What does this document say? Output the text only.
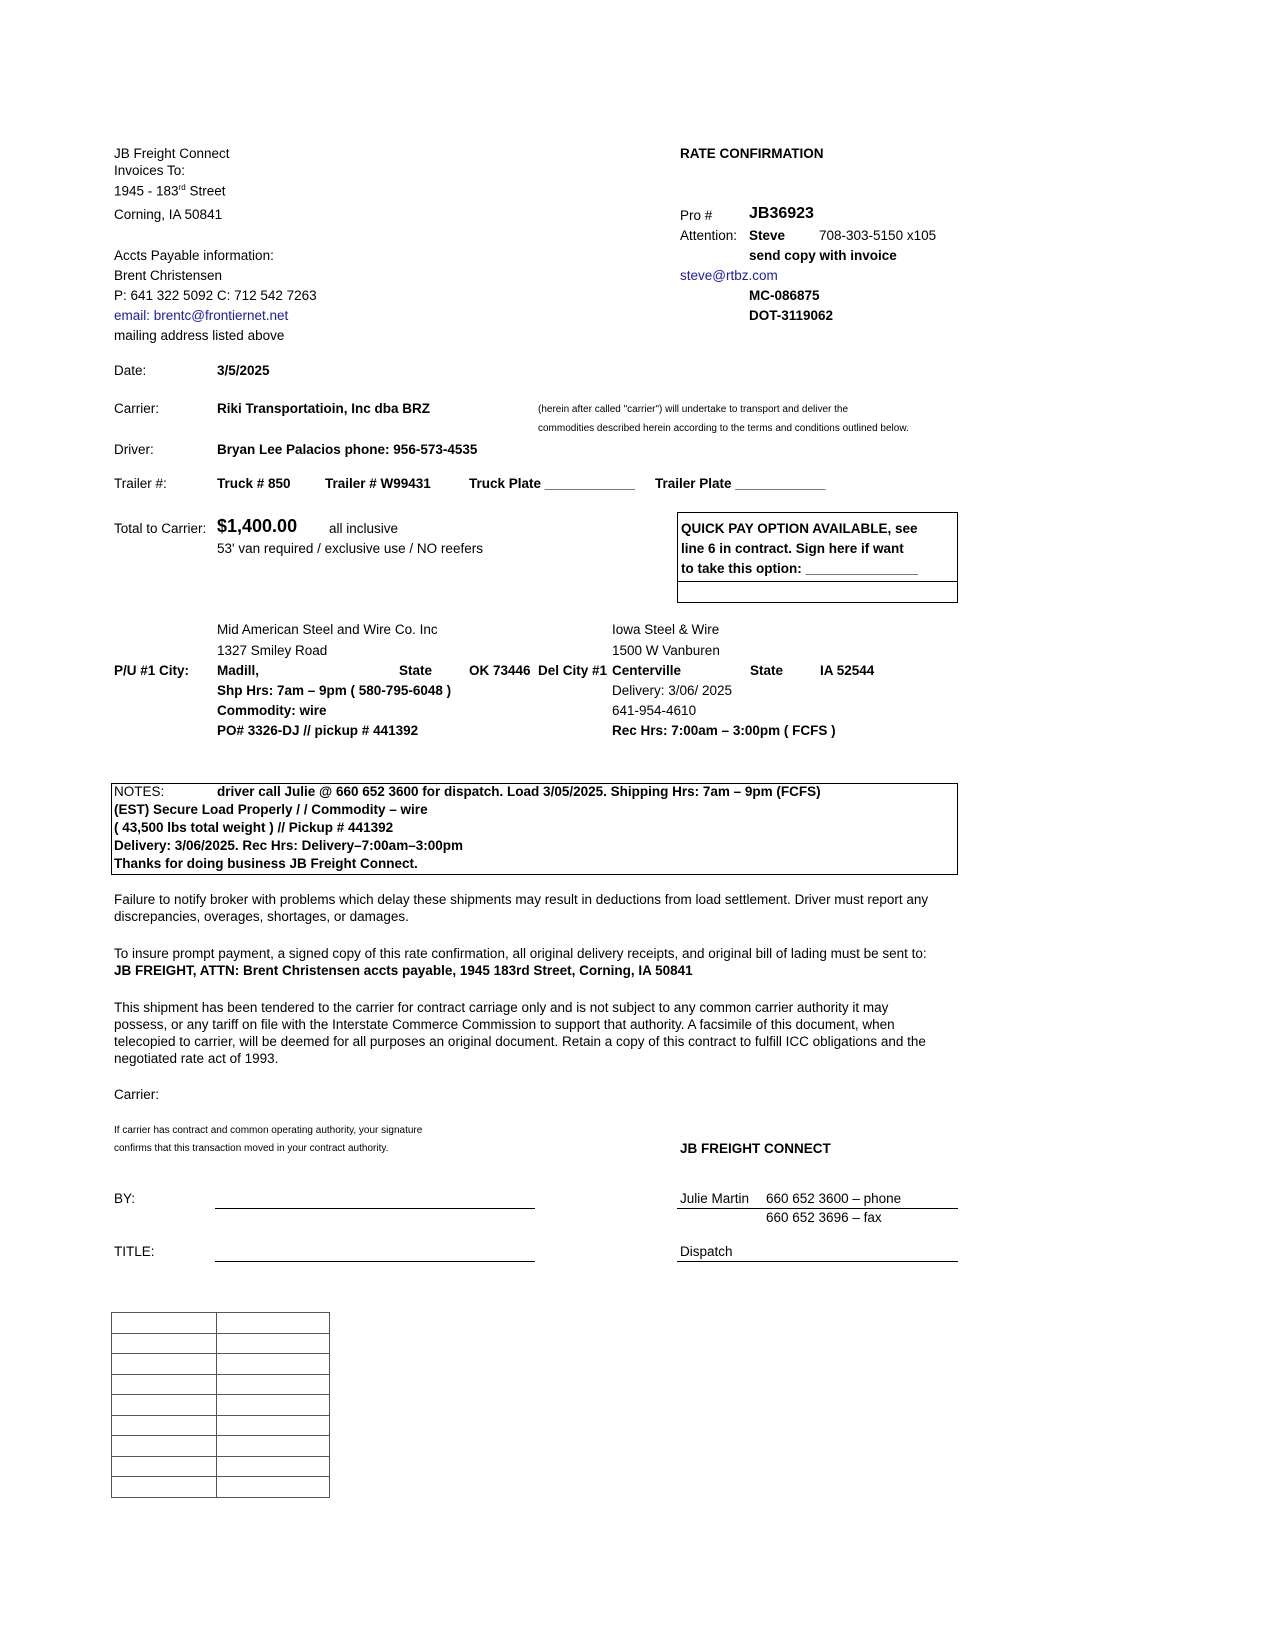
JB Freight Connect
Invoices To:
1945 - 183rd Street
Corning, IA 50841
Accts Payable information:
Brent Christensen
P: 641 322 5092 C: 712 542 7263
email: brentc@frontiernet.net
mailing address listed above
RATE CONFIRMATION
Pro # JB36923
Attention: Steve	708-303-5150 x105
send copy with invoice
steve@rtbz.com
MC-086875
DOT-3119062
Date:	3/5/2025
Carrier:	Riki Transportatioin, Inc dba BRZ	(herein after called "carrier") will undertake to transport and deliver the
commodities described herein according to the terms and conditions outlined below.
Driver:	Bryan Lee Palacios phone: 956-573-4535
Trailer #:	Truck # 850	Trailer # W99431	Truck Plate ____________ Trailer Plate ____________
Total to Carrier: $1,400.00 all inclusive
53' van required / exclusive use / NO reefers
QUICK PAY OPTION AVAILABLE, see
line 6 in contract. Sign here if want
to take this option: _______________
Mid American Steel and Wire Co. Inc
1327 Smiley Road
P/U #1 City: Madill,	State	OK 73446
Shp Hrs: 7am – 9pm ( 580-795-6048 )
Commodity: wire
PO# 3326-DJ // pickup # 441392
Iowa Steel & Wire
1500 W Vanburen
Del City #1 Centerville	State	IA 52544
Delivery: 3/06/ 2025
641-954-4610
Rec Hrs: 7:00am – 3:00pm ( FCFS )
NOTES:	driver call Julie @ 660 652 3600 for dispatch. Load 3/05/2025. Shipping Hrs: 7am – 9pm (FCFS)
(EST) Secure Load Properly / / Commodity – wire
( 43,500 lbs total weight ) // Pickup # 441392
Delivery: 3/06/2025. Rec Hrs: Delivery–7:00am–3:00pm
Thanks for doing business JB Freight Connect.
Failure to notify broker with problems which delay these shipments may result in deductions from load settlement. Driver must report any discrepancies, overages, shortages, or damages.
To insure prompt payment, a signed copy of this rate confirmation, all original delivery receipts, and original bill of lading must be sent to: JB FREIGHT, ATTN: Brent Christensen accts payable, 1945 183rd Street, Corning, IA 50841
This shipment has been tendered to the carrier for contract carriage only and is not subject to any common carrier authority it may possess, or any tariff on file with the Interstate Commerce Commission to support that authority. A facsimile of this document, when telecopied to carrier, will be deemed for all purposes an original document. Retain a copy of this contract to fulfill ICC obligations and the negotiated rate act of 1993.
Carrier:
If carrier has contract and common operating authority, your signature
confirms that this transaction moved in your contract authority.	JB FREIGHT CONNECT
BY:	Julie Martin 660 652 3600 – phone
660 652 3696 – fax
TITLE:	Dispatch
